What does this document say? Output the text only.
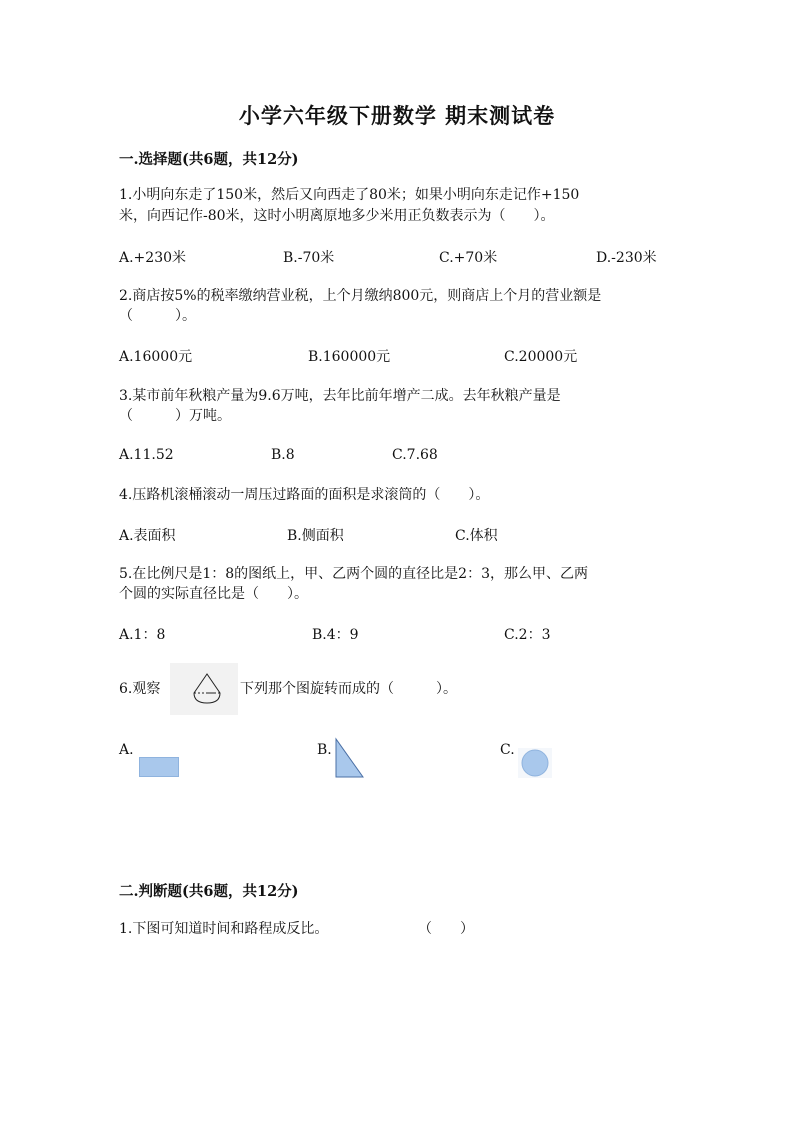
小学六年级下册数学 期末测试卷
一.选择题(共6题，共12分)
1.小明向东走了150米，然后又向西走了80米；如果小明向东走记作+150
米，向西记作-80米，这时小明离原地多少米用正负数表示为（　　）。
A.+230米	B.-70米	C.+70米	D.-230米
2.商店按5%的税率缴纳营业税，上个月缴纳800元，则商店上个月的营业额是
（　　　）。
A.16000元	B.160000元	C.20000元
3.某市前年秋粮产量为9.6万吨，去年比前年增产二成。去年秋粮产量是
（　　　）万吨。
A.11.52	B.8	C.7.68
4.压路机滚桶滚动一周压过路面的面积是求滚筒的（　　）。
A.表面积	B.侧面积	C.体积
5.在比例尺是1：8的图纸上，甲、乙两个圆的直径比是2：3，那么甲、乙两
个圆的实际直径比是（　　）。
A.1：8	B.4：9	C.2：3
6.观察	下列那个图旋转而成的（　　　）。
A.	B.	C.
二.判断题(共6题，共12分)
1.下图可知道时间和路程成反比。	（　　）
